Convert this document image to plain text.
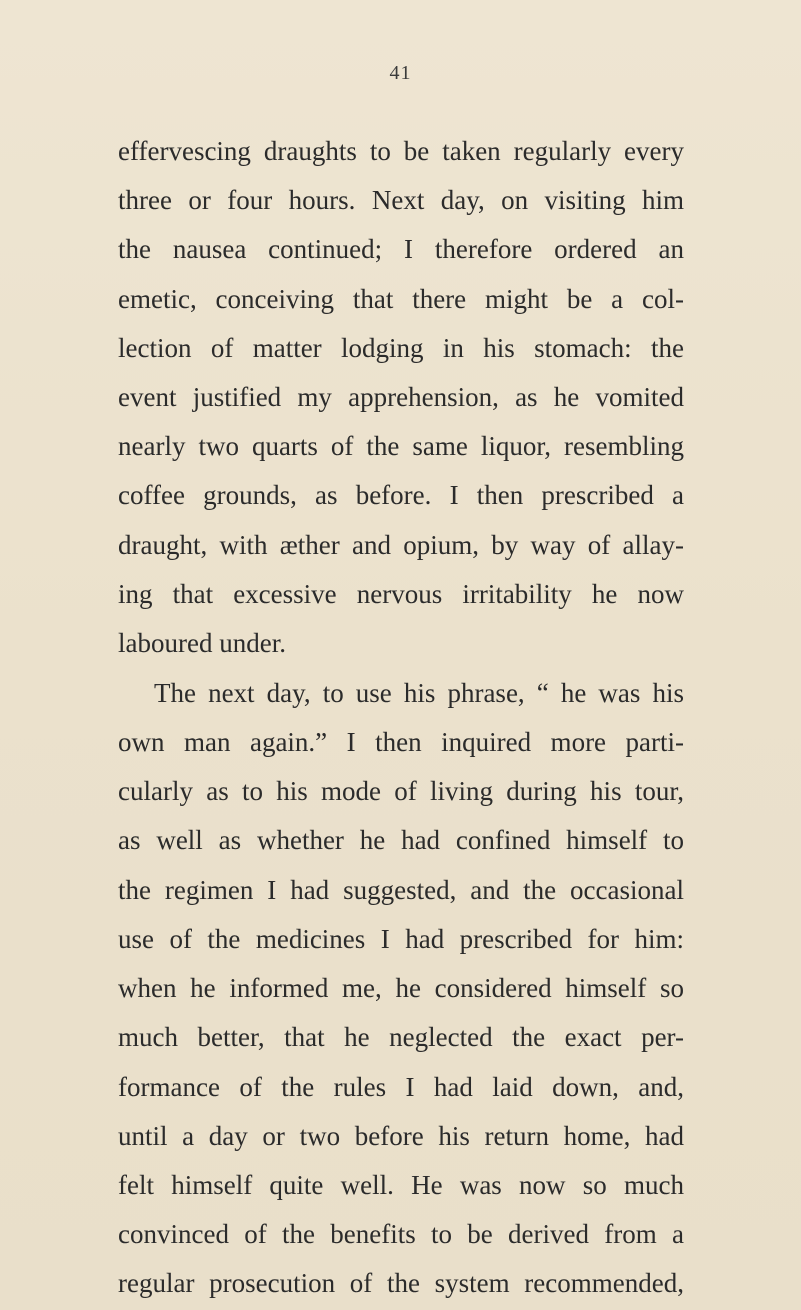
41
effervescing draughts to be taken regularly every
three or four hours. Next day, on visiting him
the nausea continued; I therefore ordered an
emetic, conceiving that there might be a col-
lection of matter lodging in his stomach: the
event justified my apprehension, as he vomited
nearly two quarts of the same liquor, resembling
coffee grounds, as before. I then prescribed a
draught, with æther and opium, by way of allay-
ing that excessive nervous irritability he now
laboured under.
The next day, to use his phrase, “ he was his
own man again.” I then inquired more parti-
cularly as to his mode of living during his tour,
as well as whether he had confined himself to
the regimen I had suggested, and the occasional
use of the medicines I had prescribed for him:
when he informed me, he considered himself so
much better, that he neglected the exact per-
formance of the rules I had laid down, and,
until a day or two before his return home, had
felt himself quite well. He was now so much
convinced of the benefits to be derived from a
regular prosecution of the system recommended,
